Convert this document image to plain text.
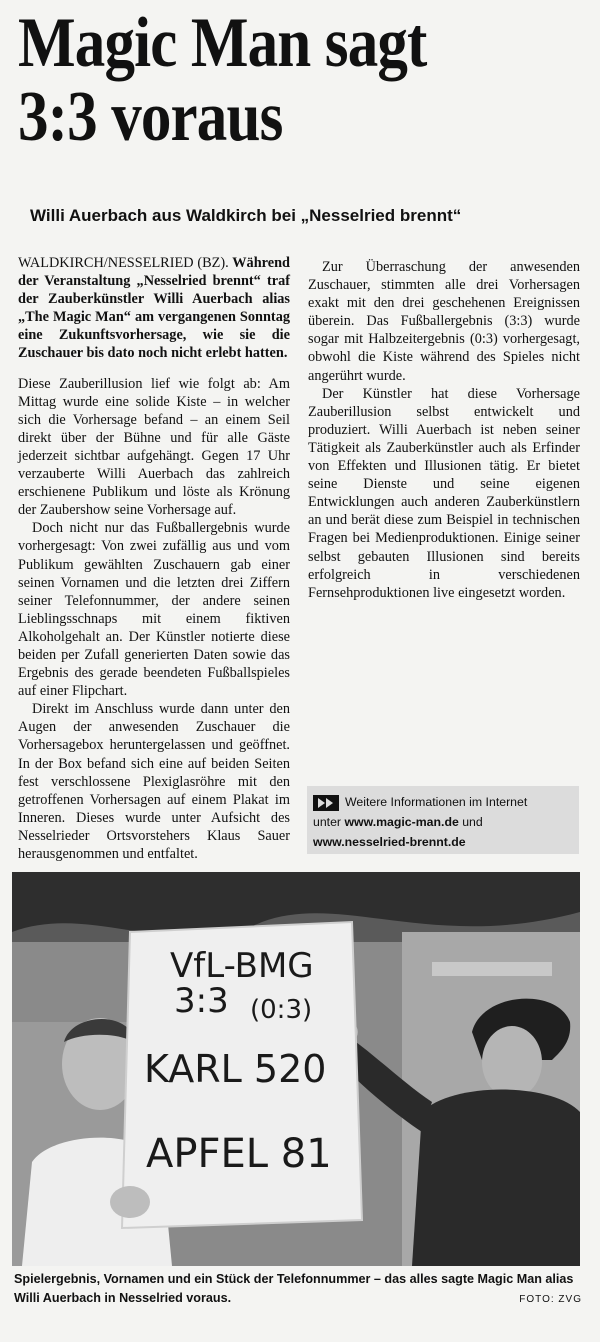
Magic Man sagt
3:3 voraus
Willi Auerbach aus Waldkirch bei „Nesselried brennt“

WALDKIRCH/NESSELRIED (BZ). Während der Veranstaltung „Nesselried brennt“ traf der Zauberkünstler Willi Auerbach alias „The Magic Man“ am vergangenen Sonntag eine Zukunftsvorhersage, wie sie die Zuschauer bis dato noch nicht erlebt hatten.

Diese Zauberillusion lief wie folgt ab: Am Mittag wurde eine solide Kiste – in welcher sich die Vorhersage befand – an einem Seil direkt über der Bühne und für alle Gäste jederzeit sichtbar aufgehängt. Gegen 17 Uhr verzauberte Willi Auerbach das zahlreich erschienene Publikum und löste als Krönung der Zaubershow seine Vorhersage auf.

Doch nicht nur das Fußballergebnis wurde vorhergesagt: Von zwei zufällig aus und vom Publikum gewählten Zuschauern gab einer seinen Vornamen und die letzten drei Ziffern seiner Telefonnummer, der andere seinen Lieblingsschnaps mit einem fiktiven Alkoholgehalt an. Der Künstler notierte diese beiden per Zufall generierten Daten sowie das Ergebnis des gerade beendeten Fußballspieles auf einer Flipchart.

Direkt im Anschluss wurde dann unter den Augen der anwesenden Zuschauer die Vorhersagebox heruntergelassen und geöffnet. In der Box befand sich eine auf beiden Seiten fest verschlossene Plexiglasröhre mit den getroffenen Vorhersagen auf einem Plakat im Inneren. Dieses wurde unter Aufsicht des Nesselrieder Ortsvorstehers Klaus Sauer herausgenommen und entfaltet.

Zur Überraschung der anwesenden Zuschauer, stimmten alle drei Vorhersagen exakt mit den drei geschehenen Ereignissen überein. Das Fußballergebnis (3:3) wurde sogar mit Halbzeitergebnis (0:3) vorhergesagt, obwohl die Kiste während des Spieles nicht angerührt wurde.

Der Künstler hat diese Vorhersage Zauberillusion selbst entwickelt und produziert. Willi Auerbach ist neben seiner Tätigkeit als Zauberkünstler auch als Erfinder von Effekten und Illusionen tätig. Er bietet seine Dienste und seine eigenen Entwicklungen auch anderen Zauberkünstlern an und berät diese zum Beispiel in technischen Fragen bei Medienproduktionen. Einige seiner selbst gebauten Illusionen sind bereits erfolgreich in verschiedenen Fernsehproduktionen live eingesetzt worden.

Weitere Informationen im Internet
unter www.magic-man.de und
www.nesselried-brennt.de
VfL-BMG
3:3 (0:3)
KARL 520
APFEL 81
Spielergebnis, Vornamen und ein Stück der Telefonnummer – das alles sagte Magic Man alias Willi Auerbach in Nesselried voraus.	FOTO: ZVG
